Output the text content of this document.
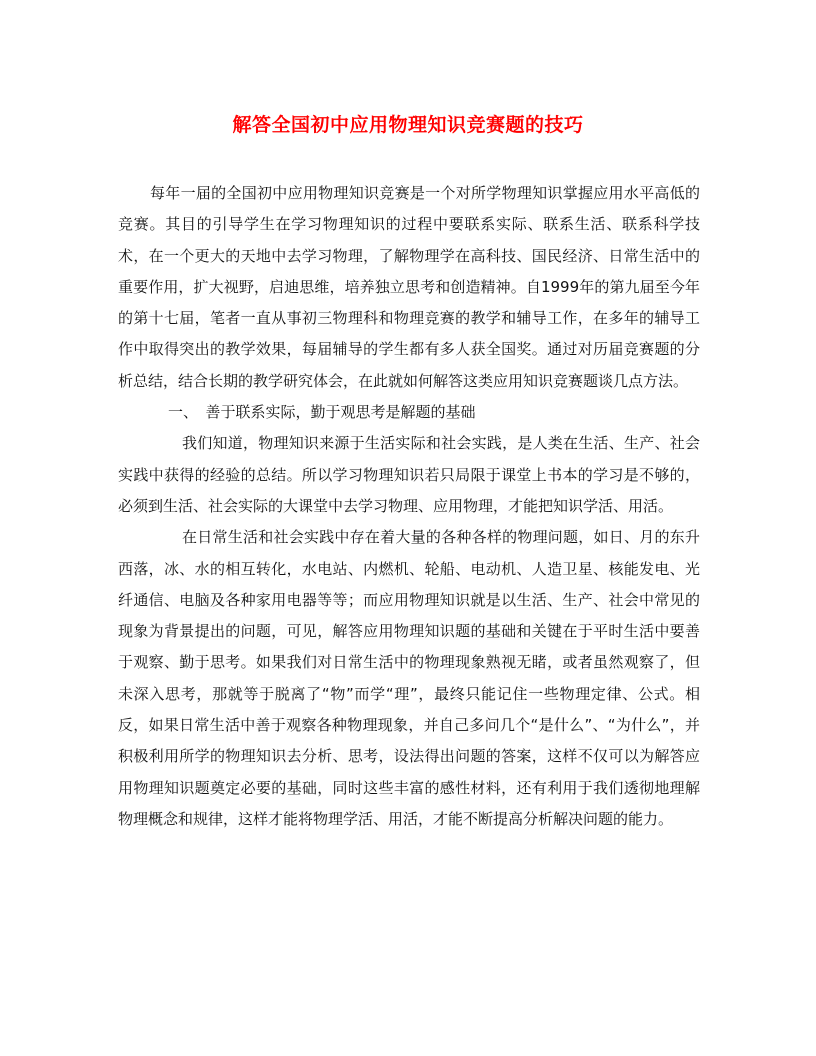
解答全国初中应用物理知识竞赛题的技巧

每年一届的全国初中应用物理知识竞赛是一个对所学物理知识掌握应用水平高低的竞赛。其目的引导学生在学习物理知识的过程中要联系实际、联系生活、联系科学技术，在一个更大的天地中去学习物理，了解物理学在高科技、国民经济、日常生活中的重要作用，扩大视野，启迪思维，培养独立思考和创造精神。自1999年的第九届至今年的第十七届，笔者一直从事初三物理科和物理竞赛的教学和辅导工作，在多年的辅导工作中取得突出的教学效果，每届辅导的学生都有多人获全国奖。通过对历届竞赛题的分析总结，结合长期的教学研究体会，在此就如何解答这类应用知识竞赛题谈几点方法。

一、　善于联系实际，勤于观思考是解题的基础

我们知道，物理知识来源于生活实际和社会实践，是人类在生活、生产、社会实践中获得的经验的总结。所以学习物理知识若只局限于课堂上书本的学习是不够的，必须到生活、社会实际的大课堂中去学习物理、应用物理，才能把知识学活、用活。

在日常生活和社会实践中存在着大量的各种各样的物理问题，如日、月的东升西落，冰、水的相互转化，水电站、内燃机、轮船、电动机、人造卫星、核能发电、光纤通信、电脑及各种家用电器等等；而应用物理知识就是以生活、生产、社会中常见的现象为背景提出的问题，可见，解答应用物理知识题的基础和关键在于平时生活中要善于观察、勤于思考。如果我们对日常生活中的物理现象熟视无睹，或者虽然观察了，但未深入思考，那就等于脱离了“物”而学“理”，最终只能记住一些物理定律、公式。相反，如果日常生活中善于观察各种物理现象，并自己多问几个“是什么”、“为什么”，并积极利用所学的物理知识去分析、思考，设法得出问题的答案，这样不仅可以为解答应用物理知识题奠定必要的基础，同时这些丰富的感性材料，还有利用于我们透彻地理解物理概念和规律，这样才能将物理学活、用活，才能不断提高分析解决问题的能力。
